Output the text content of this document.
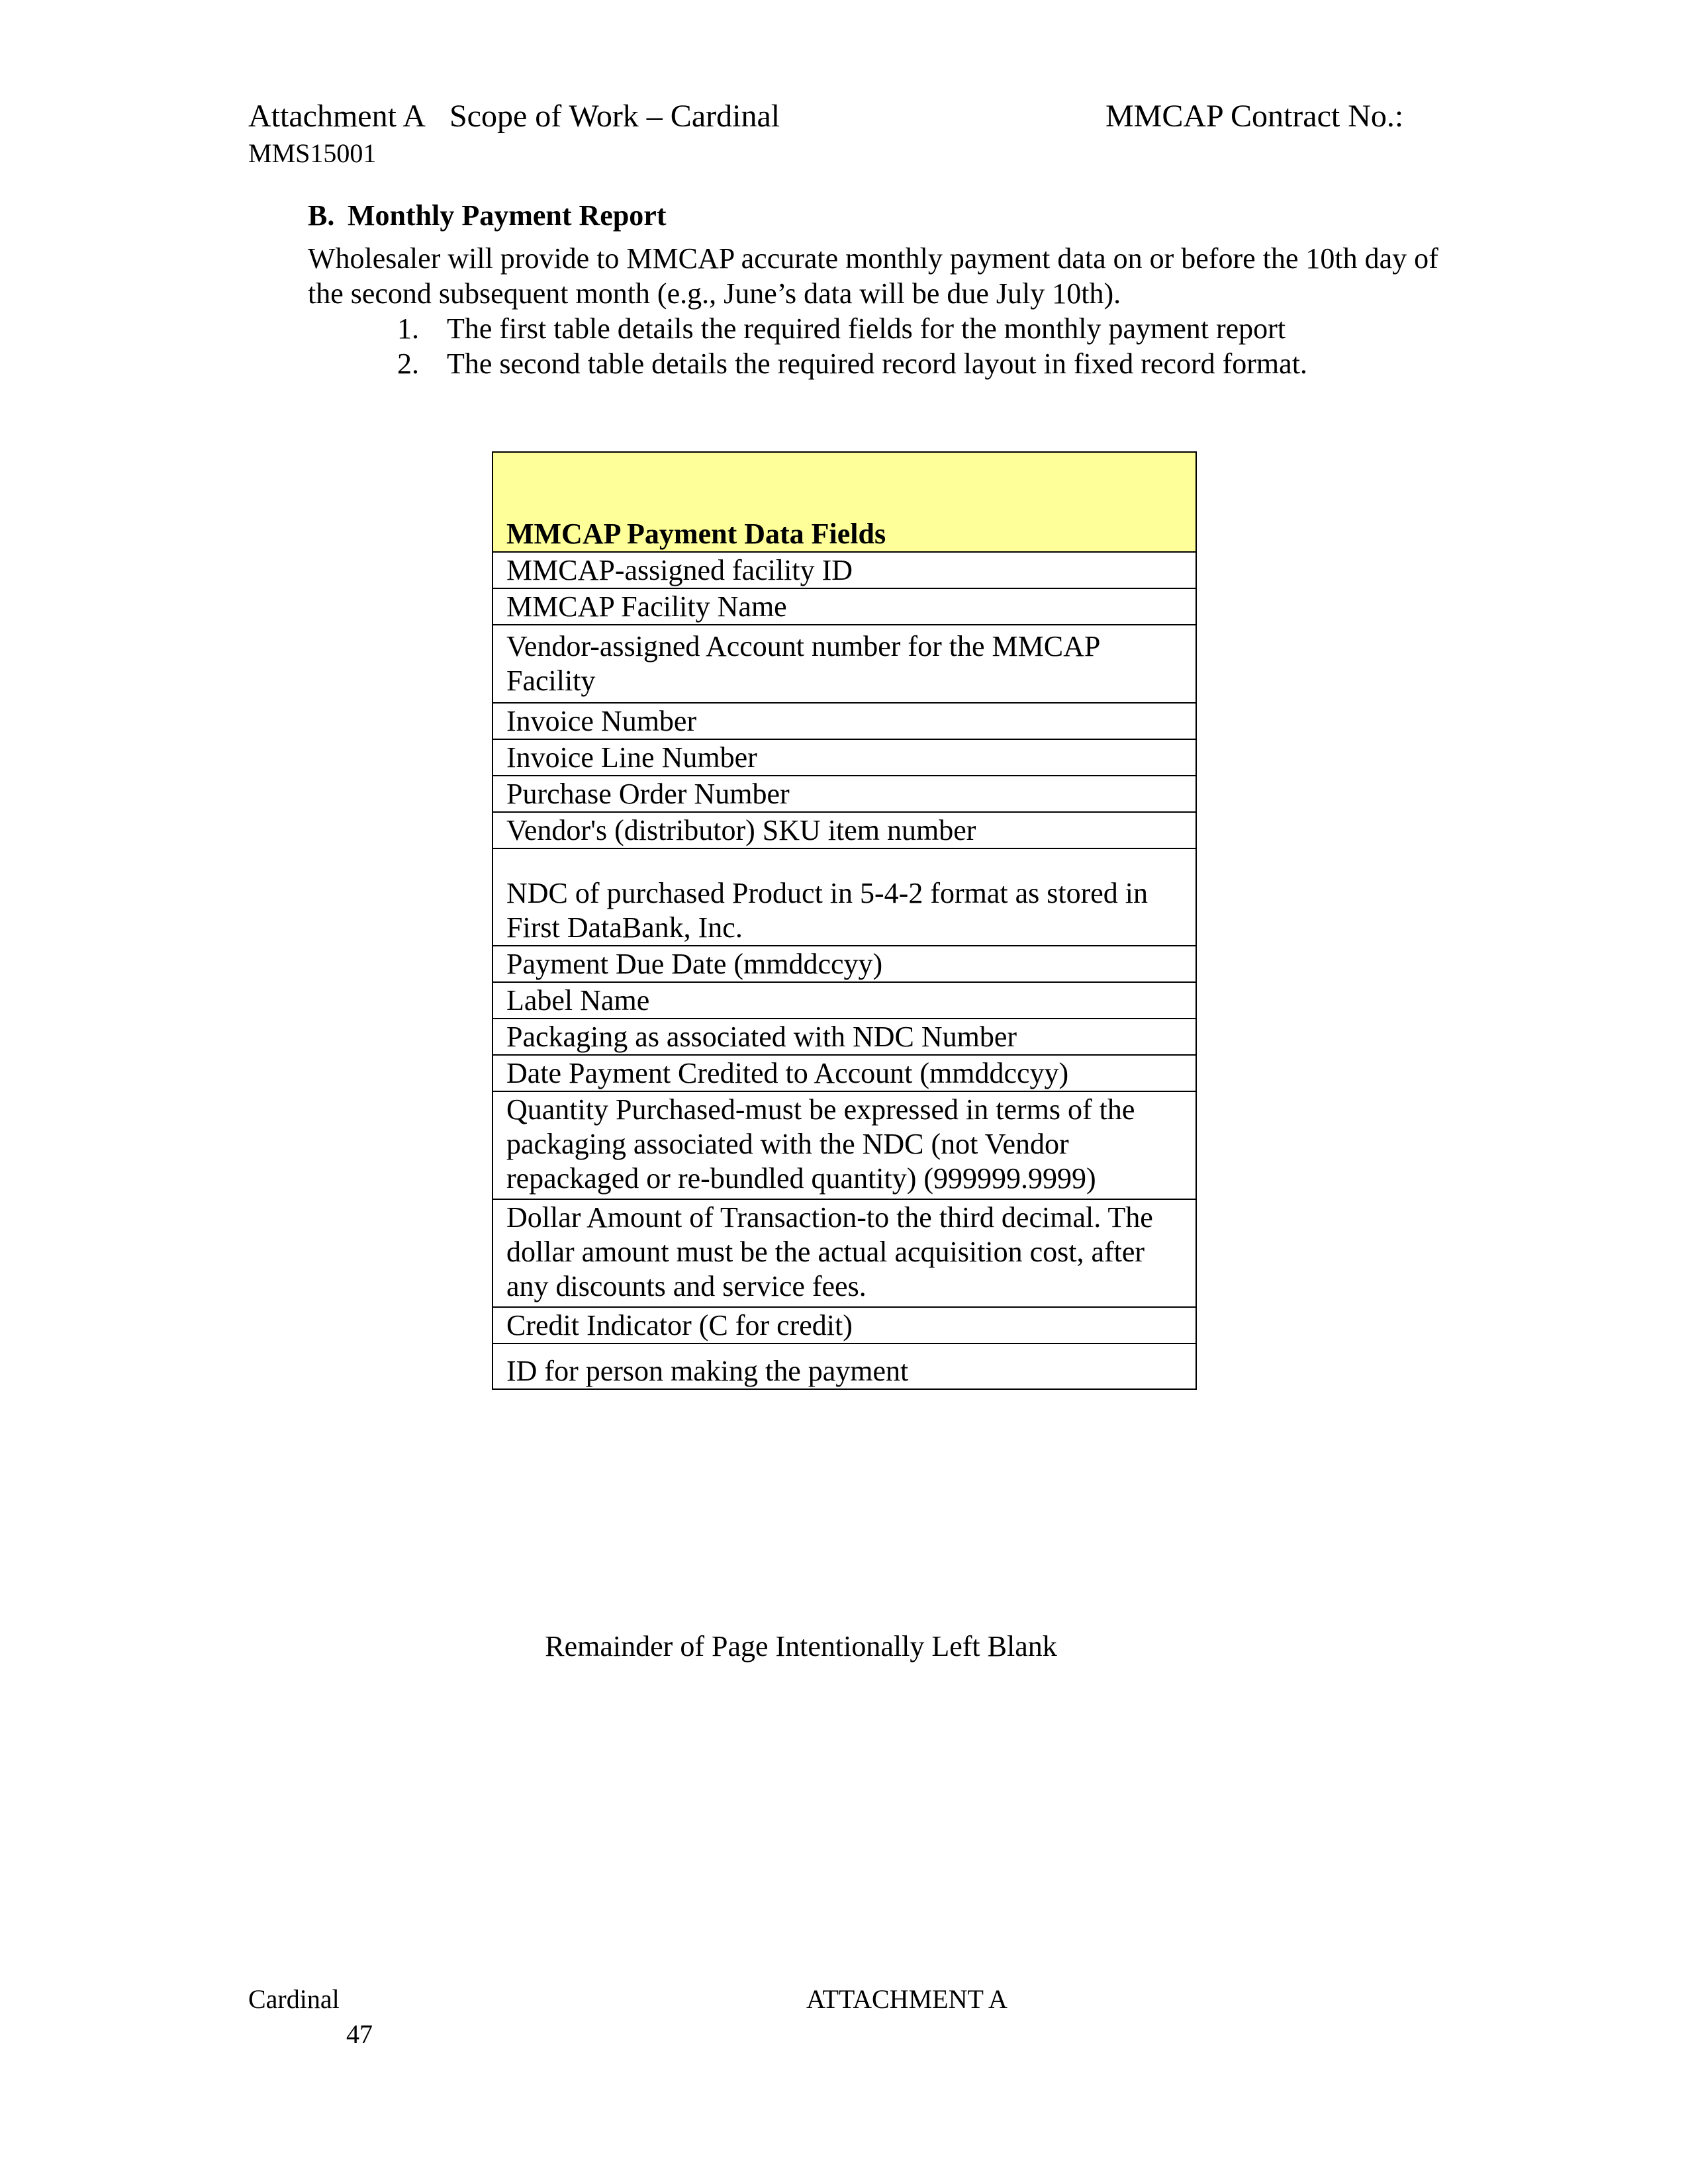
Attachment A Scope of Work – Cardinal	MMCAP Contract No.:
MMS15001
B. Monthly Payment Report
Wholesaler will provide to MMCAP accurate monthly payment data on or before the 10th day of the second subsequent month (e.g., June’s data will be due July 10th).
1. The first table details the required fields for the monthly payment report
2. The second table details the required record layout in fixed record format.
MMCAP Payment Data Fields
MMCAP-assigned facility ID
MMCAP Facility Name
Vendor-assigned Account number for the MMCAP Facility
Invoice Number
Invoice Line Number
Purchase Order Number
Vendor's (distributor) SKU item number
NDC of purchased Product in 5-4-2 format as stored in First DataBank, Inc.
Payment Due Date (mmddccyy)
Label Name
Packaging as associated with NDC Number
Date Payment Credited to Account (mmddccyy)
Quantity Purchased-must be expressed in terms of the packaging associated with the NDC (not Vendor repackaged or re-bundled quantity) (999999.9999)
Dollar Amount of Transaction-to the third decimal. The dollar amount must be the actual acquisition cost, after any discounts and service fees.
Credit Indicator (C for credit)
ID for person making the payment
Remainder of Page Intentionally Left Blank
Cardinal	ATTACHMENT A
47
